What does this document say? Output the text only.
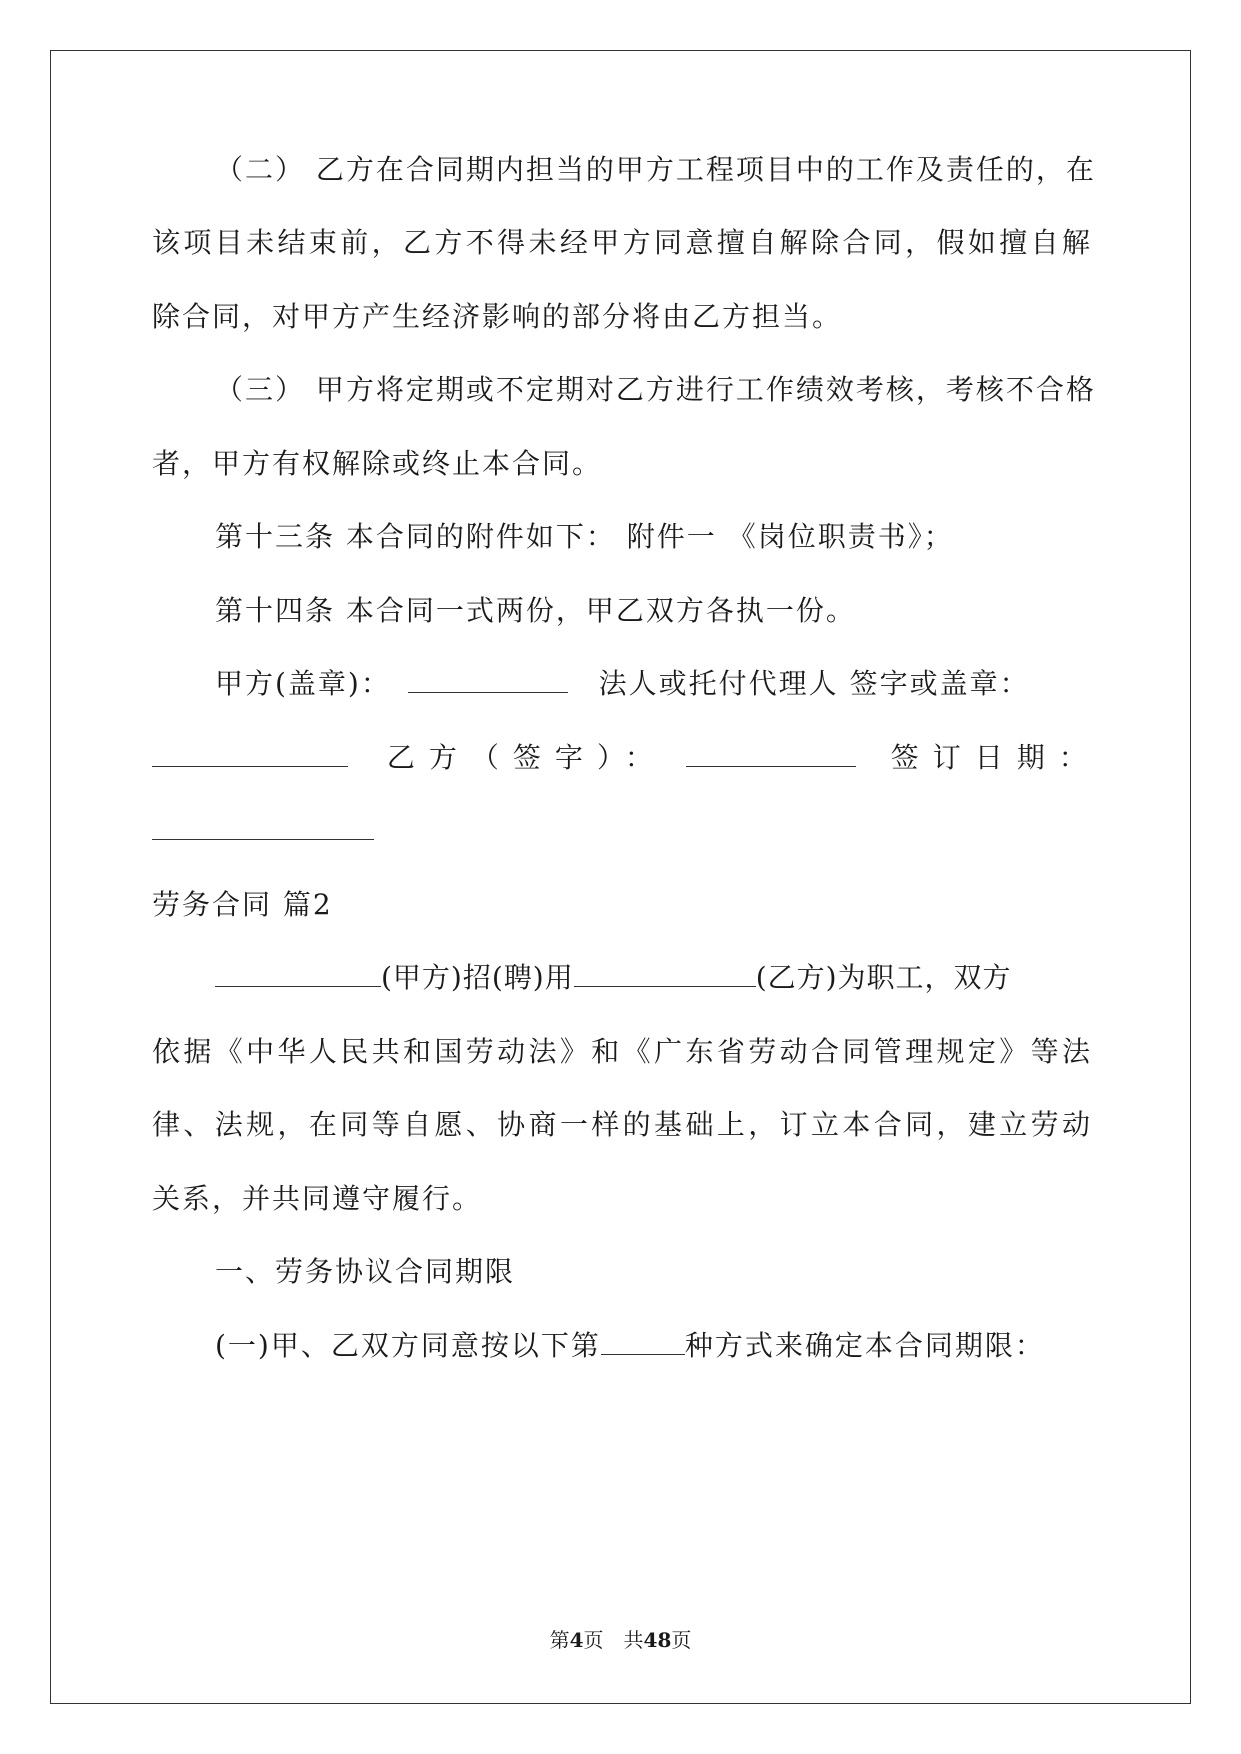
（二） 乙方在合同期内担当的甲方工程项目中的工作及责任的，在
该项目未结束前，乙方不得未经甲方同意擅自解除合同，假如擅自解
除合同，对甲方产生经济影响的部分将由乙方担当。
（三） 甲方将定期或不定期对乙方进行工作绩效考核，考核不合格
者，甲方有权解除或终止本合同。
第十三条 本合同的附件如下： 附件一 《岗位职责书》；
第十四条 本合同一式两份，甲乙双方各执一份。
甲方(盖章)：	法人或托付代理人 签字或盖章：
乙方（签字）：	签订日期：
劳务合同 篇2
(甲方)招(聘)用	(乙方)为职工，双方
依据《中华人民共和国劳动法》和《广东省劳动合同管理规定》等法
律、法规，在同等自愿、协商一样的基础上，订立本合同，建立劳动
关系，并共同遵守履行。
一、劳务协议合同期限
(一)甲、乙双方同意按以下第	种方式来确定本合同期限：
第4页　共48页
